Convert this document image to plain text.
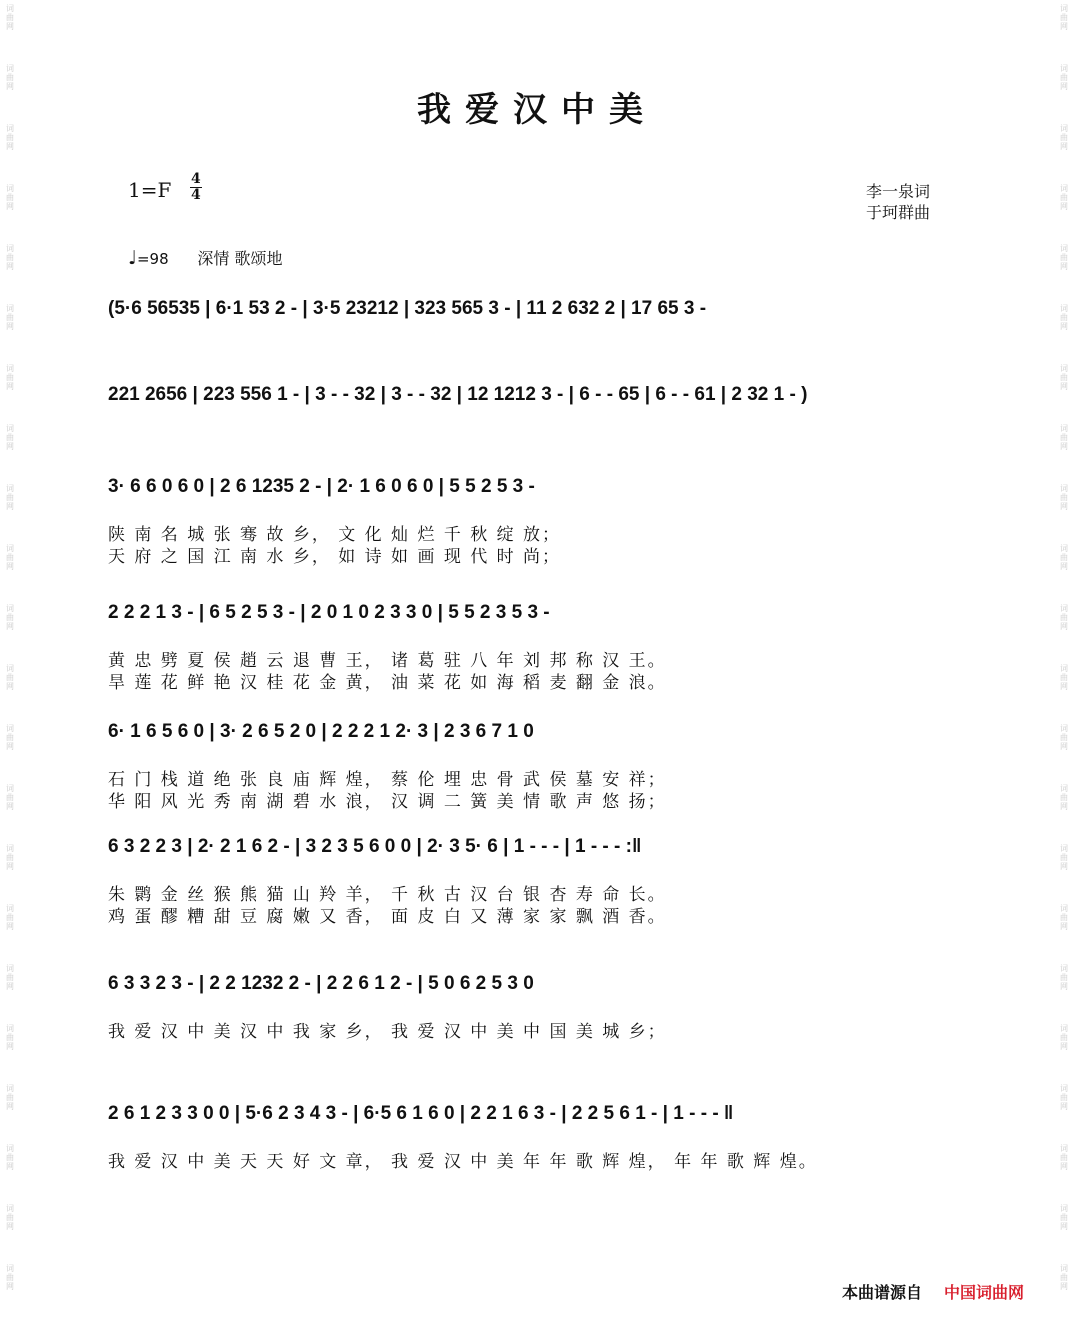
词曲网
词曲网
词曲网
词曲网
词曲网
词曲网
词曲网
词曲网
词曲网
词曲网
词曲网
词曲网
词曲网
词曲网
词曲网
词曲网
词曲网
词曲网
词曲网
词曲网
词曲网
词曲网
词曲网
词曲网
词曲网
词曲网
词曲网
词曲网
词曲网
词曲网
词曲网
词曲网
词曲网
词曲网
词曲网
词曲网
词曲网
词曲网
词曲网
词曲网
词曲网
词曲网
词曲网
词曲网
我爱汉中美
1=F 4
4	李一泉词
于珂群曲
♩=98 深情 歌颂地
(5·6 56535 | 6·1 53 2 - | 3·5 23212 | 323 565 3 - | 11 2 632 2 | 17 65 3 -
221 2656 | 223 556 1 - | 3 - - 32 | 3 - - 32 | 12 1212 3 - | 6 - - 65 | 6 - - 61 | 2 32 1 - )
3· 6 6 0 6 0 | 2 6 1235 2 - | 2· 1 6 0 6 0 | 5 5 2 5 3 -
陕 南 名 城 张 骞 故 乡， 文 化 灿 烂 千 秋 绽 放；
天 府 之 国 江 南 水 乡， 如 诗 如 画 现 代 时 尚；
2 2 2 1 3 - | 6 5 2 5 3 - | 2 0 1 0 2 3 3 0 | 5 5 2 3 5 3 -
黄 忠 劈 夏 侯 趙 云 退 曹 王， 诸 葛 驻 八 年 刘 邦 称 汉 王。
旱 莲 花 鲜 艳 汉 桂 花 金 黄， 油 菜 花 如 海 稻 麦 翻 金 浪。
6· 1 6 5 6 0 | 3· 2 6 5 2 0 | 2 2 2 1 2· 3 | 2 3 6 7 1 0
石 门 栈 道 绝 张 良 庙 辉 煌， 蔡 伦 埋 忠 骨 武 侯 墓 安 祥；
华 阳 风 光 秀 南 湖 碧 水 浪， 汉 调 二 簧 美 情 歌 声 悠 扬；
6 3 2 2 3 | 2· 2 1 6 2 - | 3 2 3 5 6 0 0 | 2· 3 5· 6 | 1 - - - | 1 - - - :‖
朱 鹮 金 丝 猴 熊 猫 山 羚 羊， 千 秋 古 汉 台 银 杏 寿 命 长。
鸡 蛋 醪 糟 甜 豆 腐 嫩 又 香， 面 皮 白 又 薄 家 家 飘 酒 香。
6 3 3 2 3 - | 2 2 1232 2 - | 2 2 6 1 2 - | 5 0 6 2 5 3 0
我 爱 汉 中 美 汉 中 我 家 乡， 我 爱 汉 中 美 中 国 美 城 乡；
2 6 1 2 3 3 0 0 | 5·6 2 3 4 3 - | 6·5 6 1 6 0 | 2 2 1 6 3 - | 2 2 5 6 1 - | 1 - - - ‖
我 爱 汉 中 美 天 天 好 文 章， 我 爱 汉 中 美 年 年 歌 辉 煌， 年 年 歌 辉 煌。
本曲谱源自 中国词曲网
